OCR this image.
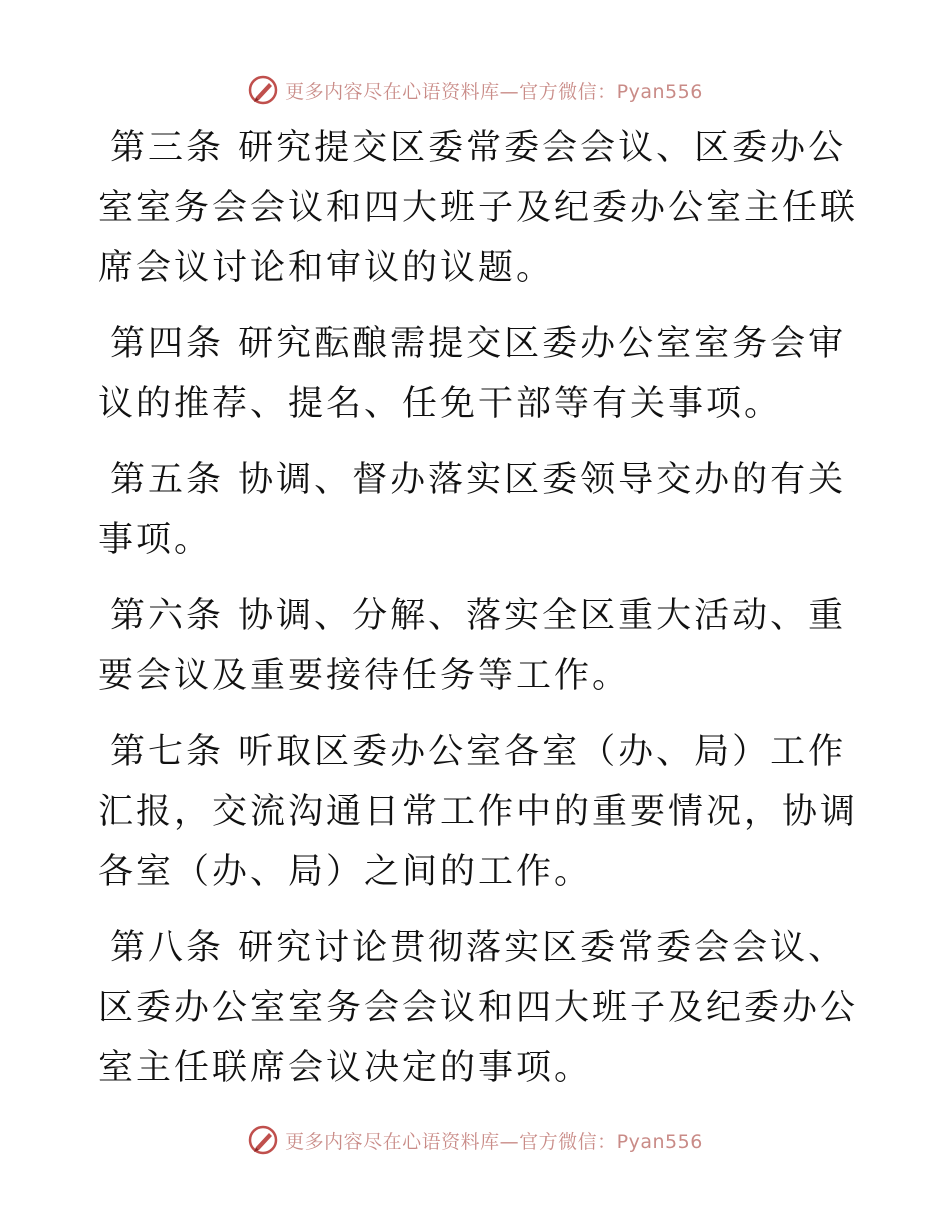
更多内容尽在心语资料库—官方微信：Pyan556

第三条 研究提交区委常委会会议、区委办公室室务会会议和四大班子及纪委办公室主任联席会议讨论和审议的议题。

第四条 研究酝酿需提交区委办公室室务会审议的推荐、提名、任免干部等有关事项。

第五条 协调、督办落实区委领导交办的有关事项。

第六条 协调、分解、落实全区重大活动、重要会议及重要接待任务等工作。

第七条 听取区委办公室各室（办、局）工作汇报，交流沟通日常工作中的重要情况，协调各室（办、局）之间的工作。

第八条 研究讨论贯彻落实区委常委会会议、区委办公室室务会会议和四大班子及纪委办公室主任联席会议决定的事项。

更多内容尽在心语资料库—官方微信：Pyan556
